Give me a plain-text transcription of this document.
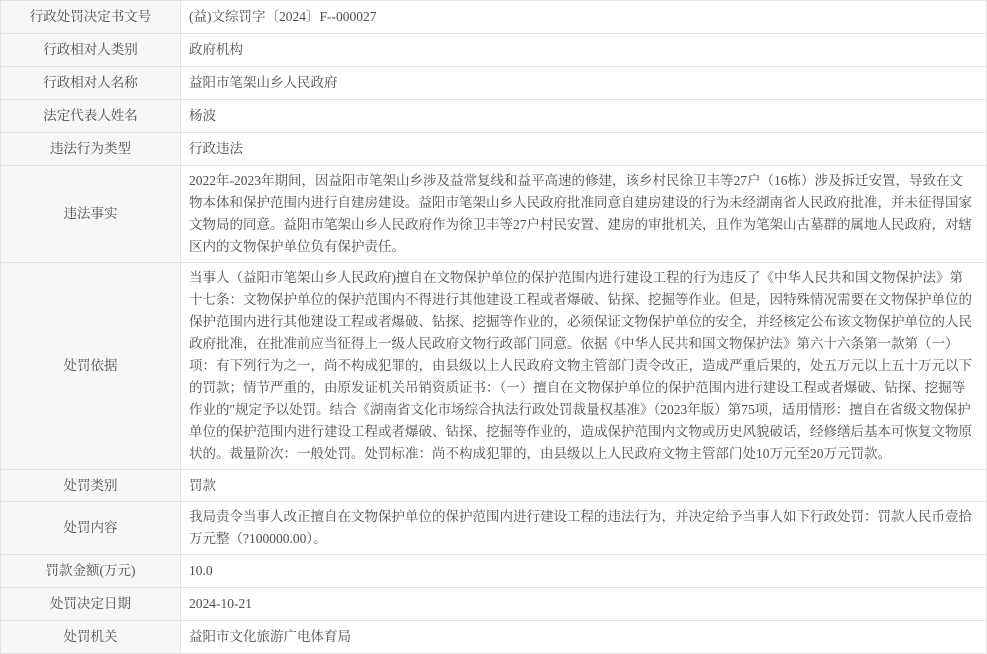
行政处罚决定书文号	(益)文综罚字〔2024〕F--000027
行政相对人类别	政府机构
行政相对人名称	益阳市笔架山乡人民政府
法定代表人姓名	杨波
违法行为类型	行政违法
违法事实	2022年-2023年期间，因益阳市笔架山乡涉及益常复线和益平高速的修建，该乡村民徐卫丰等27户（16栋）涉及拆迁安置，导致在文物本体和保护范围内进行自建房建设。益阳市笔架山乡人民政府批准同意自建房建设的行为未经湖南省人民政府批准，并未征得国家文物局的同意。益阳市笔架山乡人民政府作为徐卫丰等27户村民安置、建房的审批机关，且作为笔架山古墓群的属地人民政府，对辖区内的文物保护单位负有保护责任。
处罚依据	当事人（益阳市笔架山乡人民政府)擅自在文物保护单位的保护范围内进行建设工程的行为违反了《中华人民共和国文物保护法》第十七条：文物保护单位的保护范围内不得进行其他建设工程或者爆破、钻探、挖掘等作业。但是，因特殊情况需要在文物保护单位的保护范围内进行其他建设工程或者爆破、钻探、挖掘等作业的，必须保证文物保护单位的安全，并经核定公布该文物保护单位的人民政府批准，在批准前应当征得上一级人民政府文物行政部门同意。依据《中华人民共和国文物保护法》第六十六条第一款第（一）项：有下列行为之一，尚不构成犯罪的，由县级以上人民政府文物主管部门责令改正，造成严重后果的，处五万元以上五十万元以下的罚款；情节严重的，由原发证机关吊销资质证书：（一）擅自在文物保护单位的保护范围内进行建设工程或者爆破、钻探、挖掘等作业的"规定予以处罚。结合《湖南省文化市场综合执法行政处罚裁量权基准》（2023年版）第75项，适用情形：擅自在省级文物保护单位的保护范围内进行建设工程或者爆破、钻探、挖掘等作业的，造成保护范围内文物或历史风貌破话，经修缮后基本可恢复文物原状的。裁量阶次：一般处罚。处罚标准：尚不构成犯罪的，由县级以上人民政府文物主管部门处10万元至20万元罚款。
处罚类别	罚款
处罚内容	我局责令当事人改正擅自在文物保护单位的保护范围内进行建设工程的违法行为，并决定给予当事人如下行政处罚：罚款人民币壹拾万元整（?100000.00）。
罚款金额(万元)	10.0
处罚决定日期	2024-10-21
处罚机关	益阳市文化旅游广电体育局
